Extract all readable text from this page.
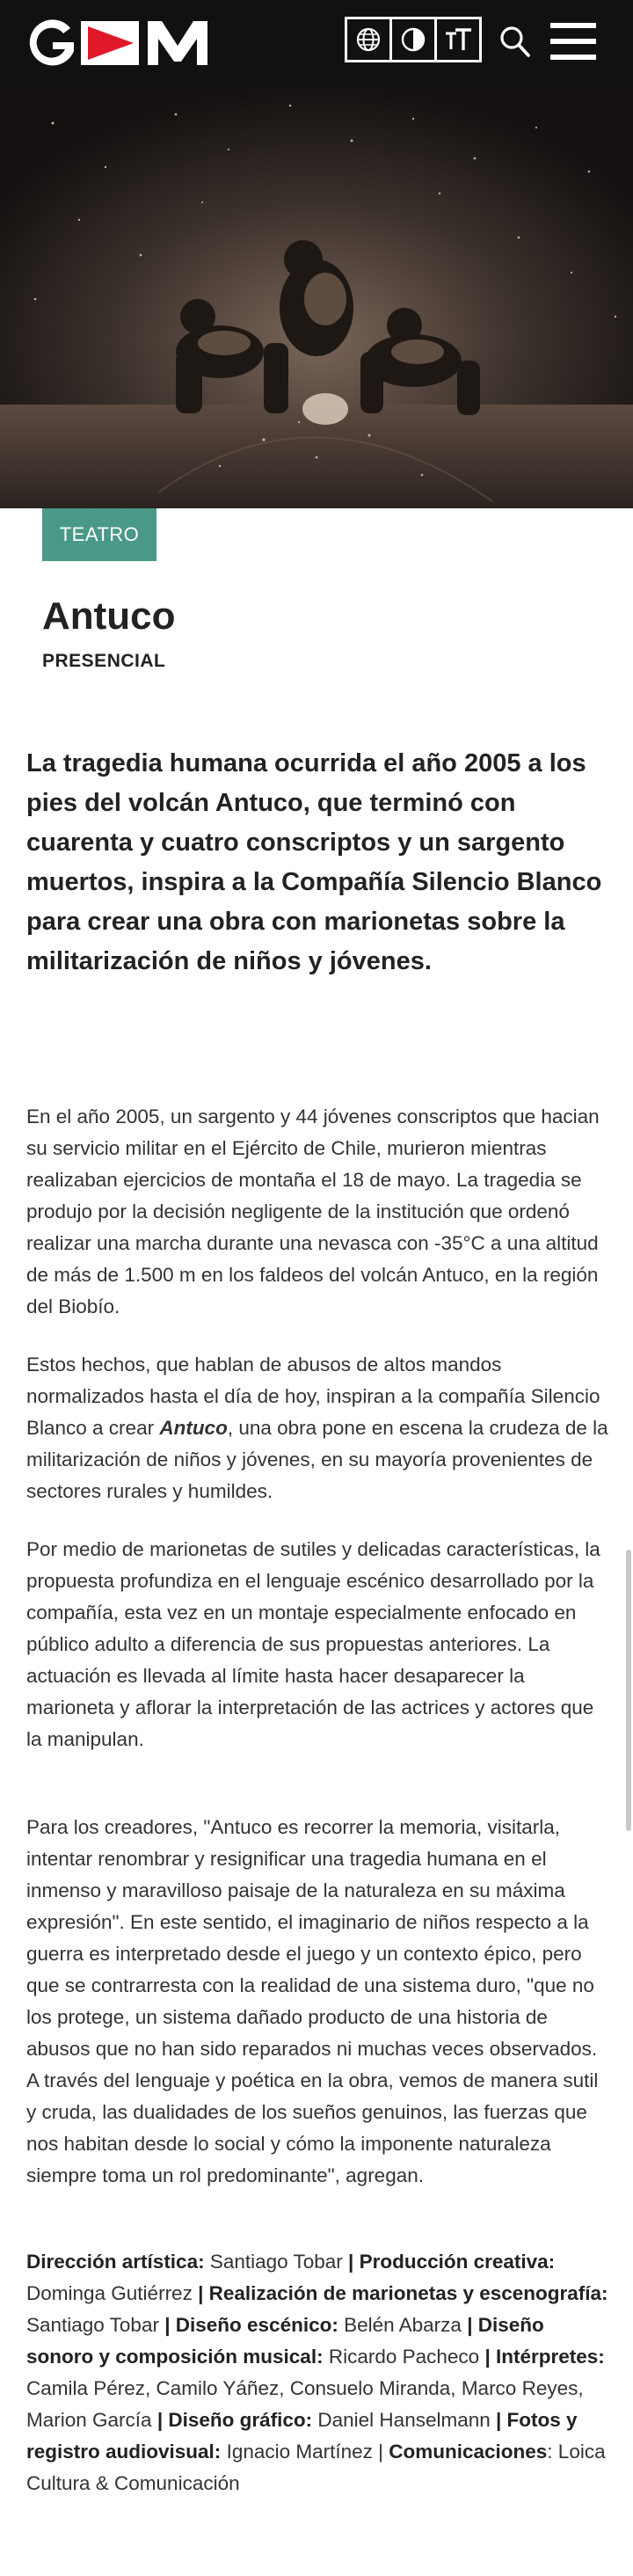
TEATRO
Antuco
PRESENCIAL

La tragedia humana ocurrida el año 2005 a los pies del volcán Antuco, que terminó con cuarenta y cuatro conscriptos y un sargento muertos, inspira a la Compañía Silencio Blanco para crear una obra con marionetas sobre la militarización de niños y jóvenes.

En el año 2005, un sargento y 44 jóvenes conscriptos que hacian su servicio militar en el Ejército de Chile, murieron mientras realizaban ejercicios de montaña el 18 de mayo. La tragedia se produjo por la decisión negligente de la institución que ordenó realizar una marcha durante una nevasca con -35°C a una altitud de más de 1.500 m en los faldeos del volcán Antuco, en la región del Biobío.

Estos hechos, que hablan de abusos de altos mandos normalizados hasta el día de hoy, inspiran a la compañía Silencio Blanco a crear Antuco, una obra pone en escena la crudeza de la militarización de niños y jóvenes, en su mayoría provenientes de sectores rurales y humildes.

Por medio de marionetas de sutiles y delicadas características, la propuesta profundiza en el lenguaje escénico desarrollado por la compañía, esta vez en un montaje especialmente enfocado en público adulto a diferencia de sus propuestas anteriores. La actuación es llevada al límite hasta hacer desaparecer la marioneta y aflorar la interpretación de las actrices y actores que la manipulan.

Para los creadores, "Antuco es recorrer la memoria, visitarla, intentar renombrar y resignificar una tragedia humana en el inmenso y maravilloso paisaje de la naturaleza en su máxima expresión". En este sentido, el imaginario de niños respecto a la guerra es interpretado desde el juego y un contexto épico, pero que se contrarresta con la realidad de una sistema duro, "que no los protege, un sistema dañado producto de una historia de abusos que no han sido reparados ni muchas veces observados. A través del lenguaje y poética en la obra, vemos de manera sutil y cruda, las dualidades de los sueños genuinos, las fuerzas que nos habitan desde lo social y cómo la imponente naturaleza siempre toma un rol predominante", agregan.

Dirección artística: Santiago Tobar | Producción creativa: Dominga Gutiérrez | Realización de marionetas y escenografía: Santiago Tobar | Diseño escénico: Belén Abarza | Diseño sonoro y composición musical: Ricardo Pacheco | Intérpretes: Camila Pérez, Camilo Yáñez, Consuelo Miranda, Marco Reyes, Marion García | Diseño gráfico: Daniel Hanselmann | Fotos y registro audiovisual: Ignacio Martínez | Comunicaciones: Loica Cultura & Comunicación
